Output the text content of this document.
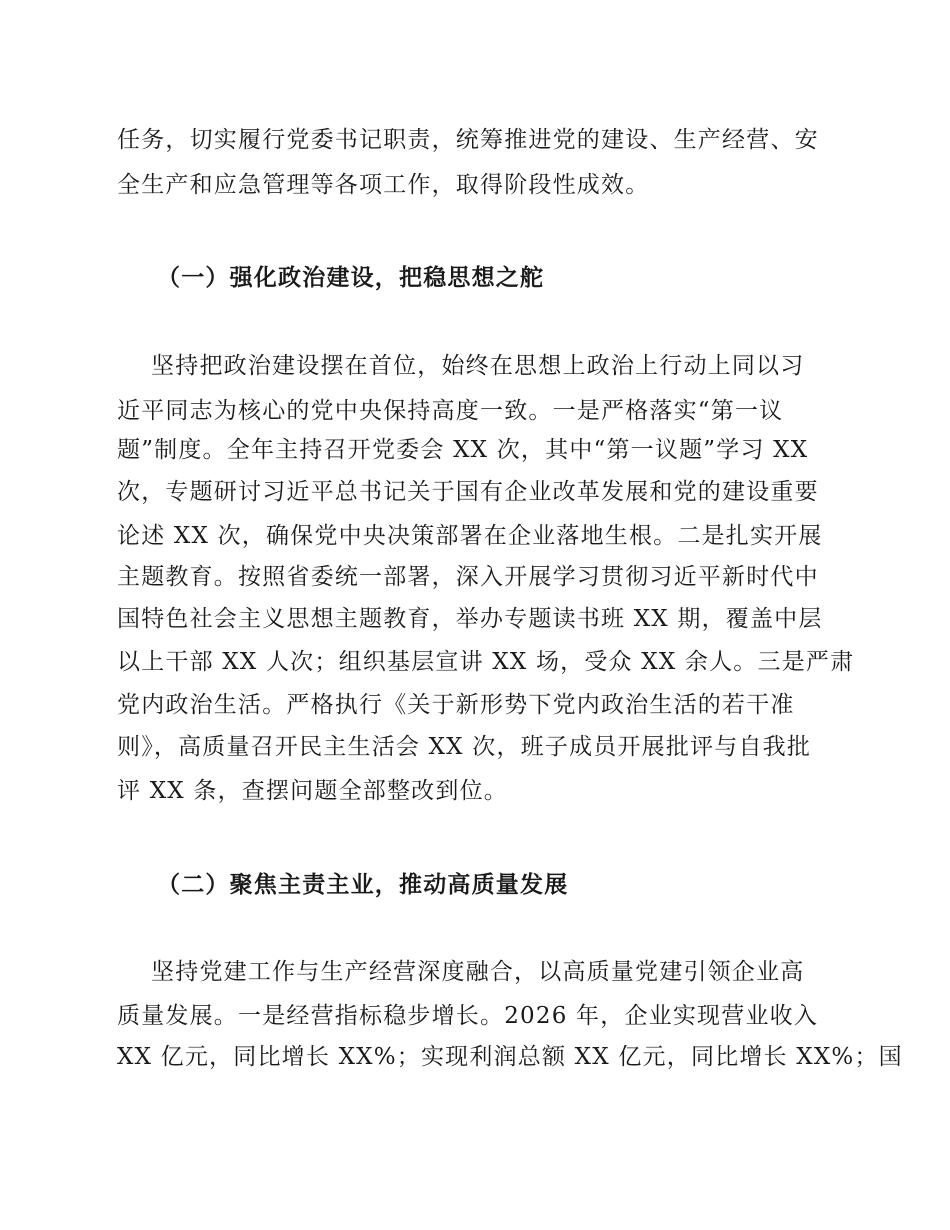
任务，切实履行党委书记职责，统筹推进党的建设、生产经营、安
全生产和应急管理等各项工作，取得阶段性成效。
（一）强化政治建设，把稳思想之舵
坚持把政治建设摆在首位，始终在思想上政治上行动上同以习
近平同志为核心的党中央保持高度一致。一是严格落实“第一议
题”制度。全年主持召开党委会 XX 次，其中“第一议题”学习 XX
次，专题研讨习近平总书记关于国有企业改革发展和党的建设重要
论述 XX 次，确保党中央决策部署在企业落地生根。二是扎实开展
主题教育。按照省委统一部署，深入开展学习贯彻习近平新时代中
国特色社会主义思想主题教育，举办专题读书班 XX 期，覆盖中层
以上干部 XX 人次；组织基层宣讲 XX 场，受众 XX 余人。三是严肃
党内政治生活。严格执行《关于新形势下党内政治生活的若干准
则》，高质量召开民主生活会 XX 次，班子成员开展批评与自我批
评 XX 条，查摆问题全部整改到位。
（二）聚焦主责主业，推动高质量发展
坚持党建工作与生产经营深度融合，以高质量党建引领企业高
质量发展。一是经营指标稳步增长。2026 年，企业实现营业收入
XX 亿元，同比增长 XX%；实现利润总额 XX 亿元，同比增长 XX%；国
